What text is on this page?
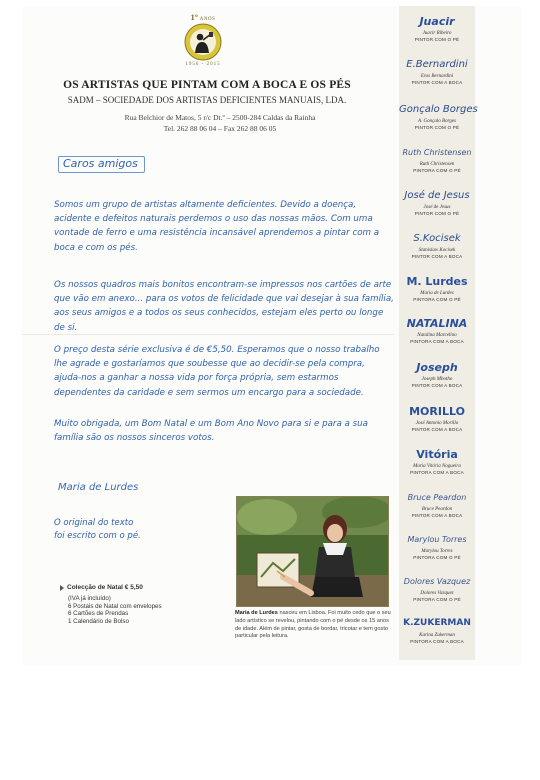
1º ANOS
1956 - 2015
OS ARTISTAS QUE PINTAM COM A BOCA E OS PÉS
SADM – SOCIEDADE DOS ARTISTAS DEFICIENTES MANUAIS, LDA.
Rua Belchior de Matos, 5 r/c Dt.º – 2500-284 Caldas da Rainha
Tel. 262 88 06 04 – Fax 262 88 06 05
Caros amigos
Somos um grupo de artistas altamente deficientes. Devido a doença, acidente e defeitos naturais perdemos o uso das nossas mãos. Com uma vontade de ferro e uma resistência incansável aprendemos a pintar com a boca e com os pés.
Os nossos quadros mais bonitos encontram-se impressos nos cartões de arte que vão em anexo... para os votos de felicidade que vai desejar à sua família, aos seus amigos e a todos os seus conhecidos, estejam eles perto ou longe de si.
O preço desta série exclusiva é de €5,50. Esperamos que o nosso trabalho lhe agrade e gostaríamos que soubesse que ao decidir-se pela compra, ajuda-nos a ganhar a nossa vida por força própria, sem estarmos dependentes da caridade e sem sermos um encargo para a sociedade.
Muito obrigada, um Bom Natal e um Bom Ano Novo para si e para a sua família são os nossos sinceros votos.
Maria de Lurdes
O original do texto
foi escrito com o pé.
Maria de Lurdes nasceu em Lisboa. Foi muito cedo que o seu lado artístico se revelou, pintando com o pé desde os 15 anos de idade. Além de pintar, gosta de bordar, tricotar e tem gosto particular pela leitura.
Colecção de Natal € 5,50
(IVA já incluído)
6 Postais de Natal com envelopes
6 Cartões de Prendas
1 Calendário de Bolso
Juacir
Juacir Ribeiro
PINTOR COM O PÉ
E.Bernardini
Eros Bernardini
PINTOR COM A BOCA
Gonçalo Borges
A. Gonçalo Borges
PINTOR COM O PÉ
Ruth Christensen
Ruth Christensen
PINTORA COM O PÉ
José de Jesus
José de Jesus
PINTOR COM O PÉ
S.Kocisek
Stanislaw Kocisek
PINTOR COM A BOCA
M. Lurdes
Maria de Lurdes
PINTORA COM O PÉ
NATALINA
Natalina Marcelino
PINTORA COM A BOCA
Joseph
Joseph Mbotho
PINTOR COM A BOCA
MORILLO
José Antonio Morillo
PINTOR COM A BOCA
Vitória
Maria Vitória Nogueira
PINTORA COM A BOCA
Bruce Peardon
Bruce Peardon
PINTOR COM A BOCA
Marylou Torres
Marylou Torres
PINTORA COM O PÉ
Dolores Vazquez
Dolores Vazquez
PINTORA COM O PÉ
K.ZUKERMAN
Karina Zukerman
PINTORA COM A BOCA
